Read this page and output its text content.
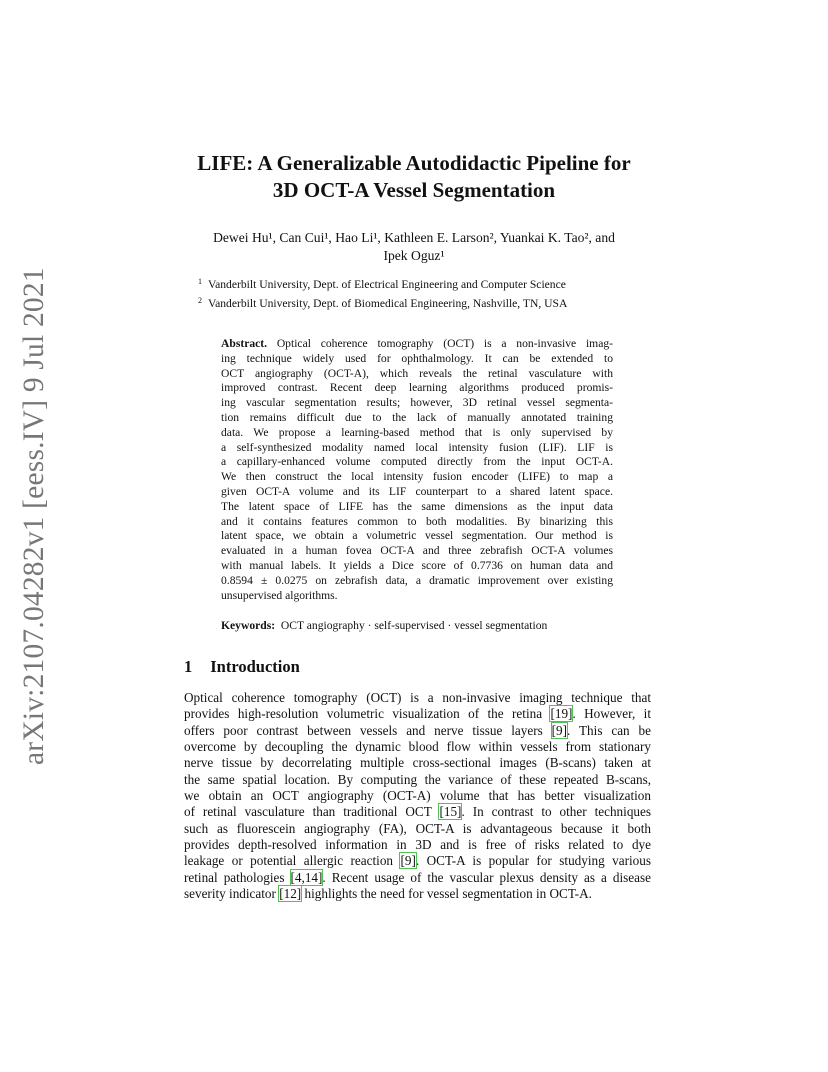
arXiv:2107.04282v1 [eess.IV] 9 Jul 2021
LIFE: A Generalizable Autodidactic Pipeline for
3D OCT-A Vessel Segmentation
Dewei Hu¹, Can Cui¹, Hao Li¹, Kathleen E. Larson², Yuankai K. Tao², and
Ipek Oguz¹
$^1$ Vanderbilt University, Dept. of Electrical Engineering and Computer Science
$^2$ Vanderbilt University, Dept. of Biomedical Engineering, Nashville, TN, USA
Abstract. Optical coherence tomography (OCT) is a non-invasive imag-
ing technique widely used for ophthalmology. It can be extended to
OCT angiography (OCT-A), which reveals the retinal vasculature with
improved contrast. Recent deep learning algorithms produced promis-
ing vascular segmentation results; however, 3D retinal vessel segmenta-
tion remains difficult due to the lack of manually annotated training
data. We propose a learning-based method that is only supervised by
a self-synthesized modality named local intensity fusion (LIF). LIF is
a capillary-enhanced volume computed directly from the input OCT-A.
We then construct the local intensity fusion encoder (LIFE) to map a
given OCT-A volume and its LIF counterpart to a shared latent space.
The latent space of LIFE has the same dimensions as the input data
and it contains features common to both modalities. By binarizing this
latent space, we obtain a volumetric vessel segmentation. Our method is
evaluated in a human fovea OCT-A and three zebrafish OCT-A volumes
with manual labels. It yields a Dice score of 0.7736 on human data and
0.8594 ± 0.0275 on zebrafish data, a dramatic improvement over existing
unsupervised algorithms.
Keywords: OCT angiography · self-supervised · vessel segmentation
1 Introduction
Optical coherence tomography (OCT) is a non-invasive imaging technique that
provides high-resolution volumetric visualization of the retina [19]. However, it
offers poor contrast between vessels and nerve tissue layers [9]. This can be
overcome by decoupling the dynamic blood flow within vessels from stationary
nerve tissue by decorrelating multiple cross-sectional images (B-scans) taken at
the same spatial location. By computing the variance of these repeated B-scans,
we obtain an OCT angiography (OCT-A) volume that has better visualization
of retinal vasculature than traditional OCT [15]. In contrast to other techniques
such as fluorescein angiography (FA), OCT-A is advantageous because it both
provides depth-resolved information in 3D and is free of risks related to dye
leakage or potential allergic reaction [9]. OCT-A is popular for studying various
retinal pathologies [4,14]. Recent usage of the vascular plexus density as a disease
severity indicator [12] highlights the need for vessel segmentation in OCT-A.
